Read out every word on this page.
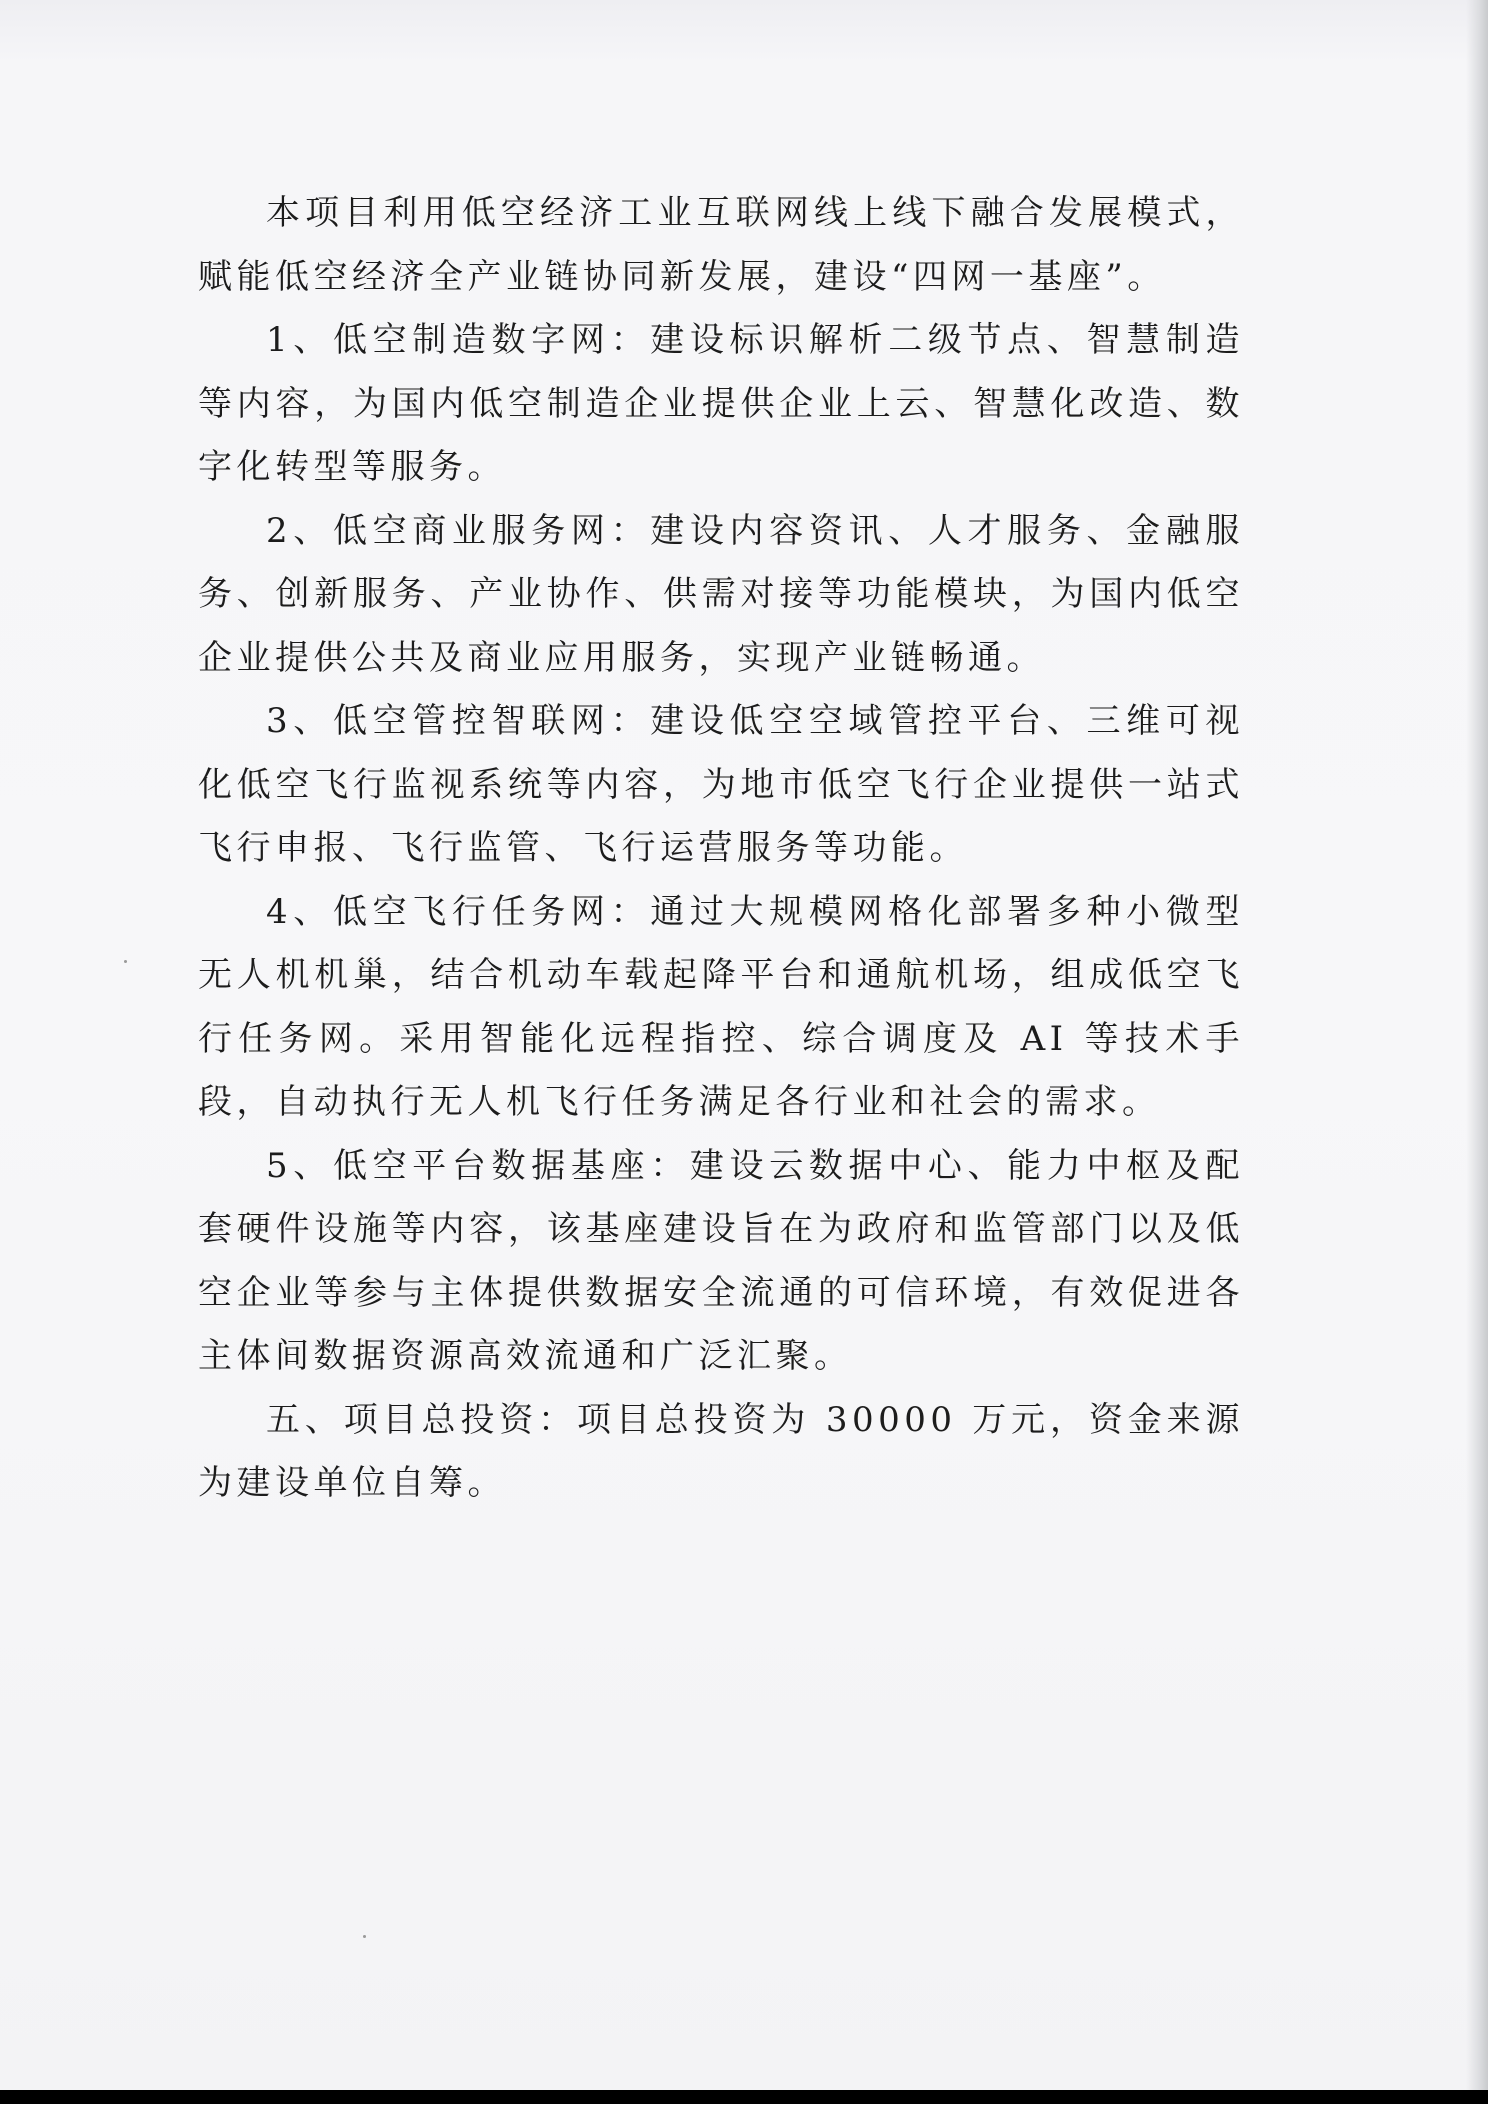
本项目利用低空经济工业互联网线上线下融合发展模式，赋能低空经济全产业链协同新发展，建设“四网一基座”。

1、低空制造数字网：建设标识解析二级节点、智慧制造等内容，为国内低空制造企业提供企业上云、智慧化改造、数字化转型等服务。

2、低空商业服务网：建设内容资讯、人才服务、金融服务、创新服务、产业协作、供需对接等功能模块，为国内低空企业提供公共及商业应用服务，实现产业链畅通。

3、低空管控智联网：建设低空空域管控平台、三维可视化低空飞行监视系统等内容，为地市低空飞行企业提供一站式飞行申报、飞行监管、飞行运营服务等功能。

4、低空飞行任务网：通过大规模网格化部署多种小微型无人机机巢，结合机动车载起降平台和通航机场，组成低空飞行任务网。采用智能化远程指控、综合调度及 AI 等技术手段，自动执行无人机飞行任务满足各行业和社会的需求。

5、低空平台数据基座：建设云数据中心、能力中枢及配套硬件设施等内容，该基座建设旨在为政府和监管部门以及低空企业等参与主体提供数据安全流通的可信环境，有效促进各主体间数据资源高效流通和广泛汇聚。

五、项目总投资：项目总投资为 30000 万元，资金来源为建设单位自筹。
